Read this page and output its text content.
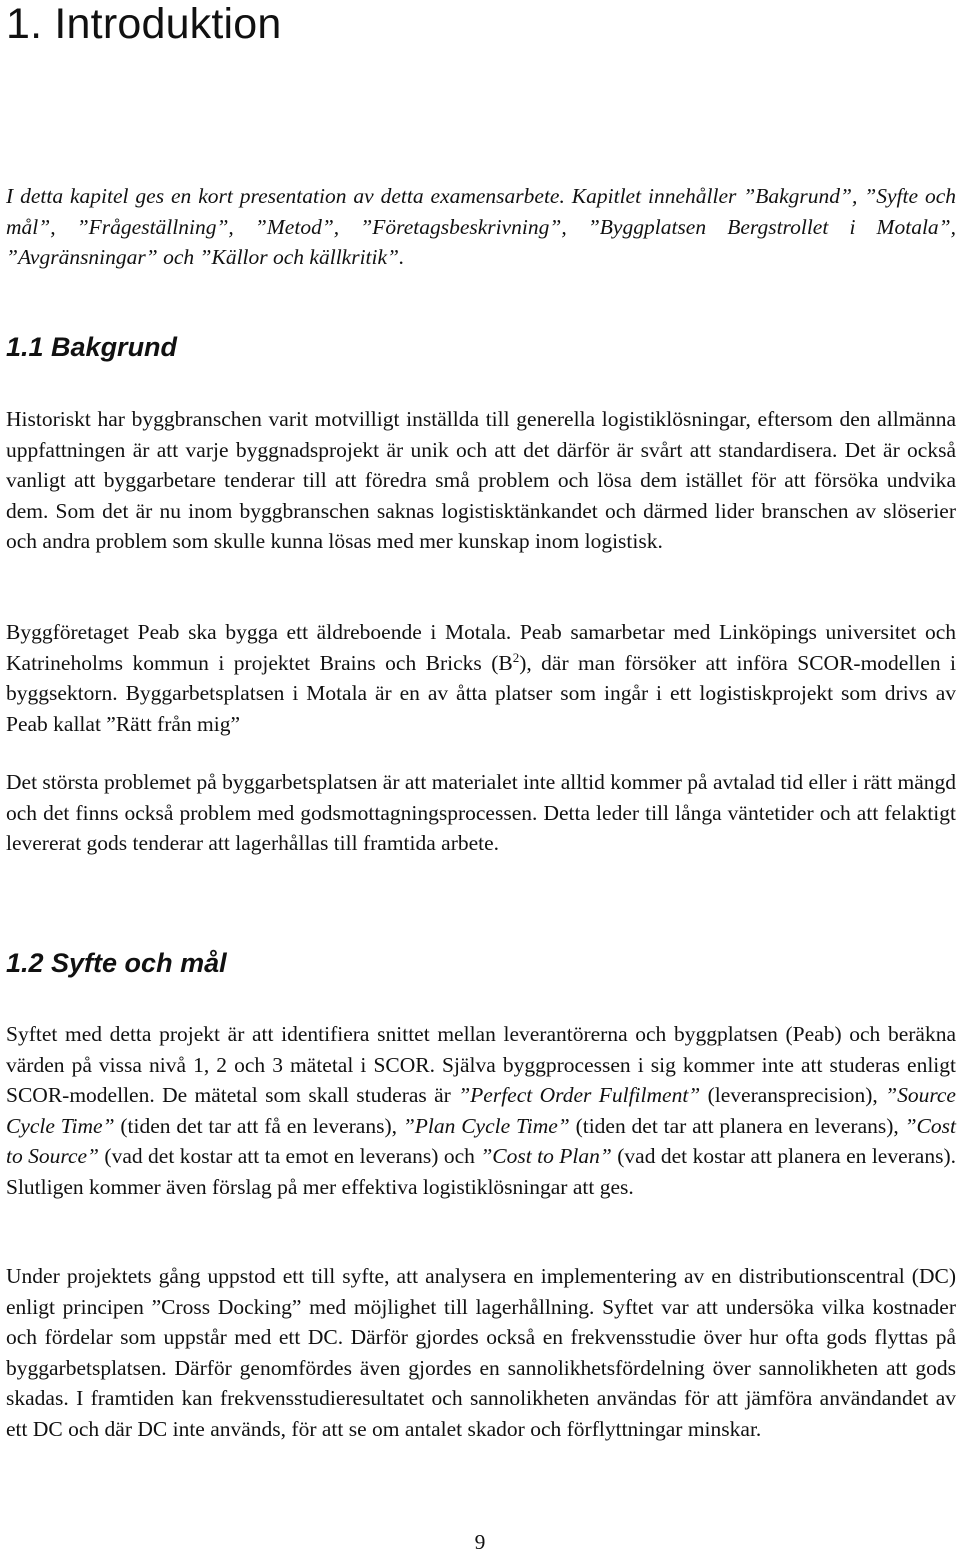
1. Introduktion

I detta kapitel ges en kort presentation av detta examensarbete. Kapitlet innehåller ”Bakgrund”, ”Syfte och mål”, ”Frågeställning”, ”Metod”, ”Företagsbeskrivning”, ”Byggplatsen Bergstrollet i Motala”, ”Avgränsningar” och ”Källor och källkritik”.

1.1 Bakgrund

Historiskt har byggbranschen varit motvilligt inställda till generella logistiklösningar, eftersom den allmänna uppfattningen är att varje byggnadsprojekt är unik och att det därför är svårt att standardisera. Det är också vanligt att byggarbetare tenderar till att föredra små problem och lösa dem istället för att försöka undvika dem. Som det är nu inom byggbranschen saknas logistisktänkandet och därmed lider branschen av slöserier och andra problem som skulle kunna lösas med mer kunskap inom logistisk.

Byggföretaget Peab ska bygga ett äldreboende i Motala. Peab samarbetar med Linköpings universitet och Katrineholms kommun i projektet Brains och Bricks $(B^2)$, där man försöker att införa SCOR-modellen i byggsektorn. Byggarbetsplatsen i Motala är en av åtta platser som ingår i ett logistiskprojekt som drivs av Peab kallat ”Rätt från mig”

Det största problemet på byggarbetsplatsen är att materialet inte alltid kommer på avtalad tid eller i rätt mängd och det finns också problem med godsmottagningsprocessen. Detta leder till långa väntetider och att felaktigt levererat gods tenderar att lagerhållas till framtida arbete.

1.2 Syfte och mål

Syftet med detta projekt är att identifiera snittet mellan leverantörerna och byggplatsen (Peab) och beräkna värden på vissa nivå 1, 2 och 3 mätetal i SCOR. Själva byggprocessen i sig kommer inte att studeras enligt SCOR-modellen. De mätetal som skall studeras är ”Perfect Order Fulfilment” (leveransprecision), ”Source Cycle Time” (tiden det tar att få en leverans), ”Plan Cycle Time” (tiden det tar att planera en leverans), ”Cost to Source” (vad det kostar att ta emot en leverans) och ”Cost to Plan” (vad det kostar att planera en leverans). Slutligen kommer även förslag på mer effektiva logistiklösningar att ges.

Under projektets gång uppstod ett till syfte, att analysera en implementering av en distributionscentral (DC) enligt principen ”Cross Docking” med möjlighet till lagerhållning. Syftet var att undersöka vilka kostnader och fördelar som uppstår med ett DC. Därför gjordes också en frekvensstudie över hur ofta gods flyttas på byggarbetsplatsen. Därför genomfördes även gjordes en sannolikhetsfördelning över sannolikheten att gods skadas. I framtiden kan frekvensstudieresultatet och sannolikheten användas för att jämföra användandet av ett DC och där DC inte används, för att se om antalet skador och förflyttningar minskar.

9
